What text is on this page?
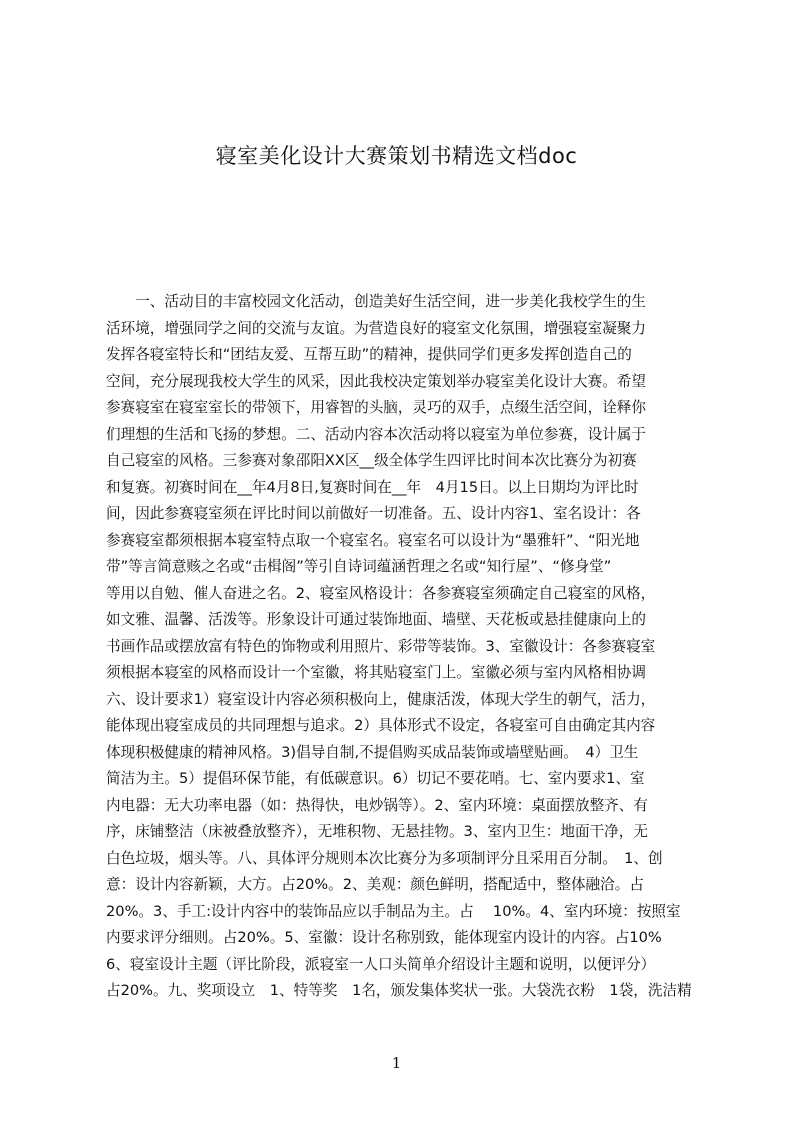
寝室美化设计大赛策划书精选文档doc
　　一、活动目的丰富校园文化活动，创造美好生活空间，进一步美化我校学生的生
活环境，增强同学之间的交流与友谊。为营造良好的寝室文化氛围，增强寝室凝聚力
发挥各寝室特长和“团结友爱、互帮互助”的精神，提供同学们更多发挥创造自己的
空间，充分展现我校大学生的风采，因此我校决定策划举办寝室美化设计大赛。希望
参赛寝室在寝室室长的带领下，用睿智的头脑，灵巧的双手，点缀生活空间，诠释你
们理想的生活和飞扬的梦想。二、活动内容本次活动将以寝室为单位参赛，设计属于
自己寝室的风格。三参赛对象邵阳XX区__级全体学生四评比时间本次比赛分为初赛
和复赛。初赛时间在__年4月8日,复赛时间在__年　4月15日。以上日期均为评比时
间，因此参赛寝室须在评比时间以前做好一切准备。五、设计内容1、室名设计：各
参赛寝室都须根据本寝室特点取一个寝室名。寝室名可以设计为“墨雅轩”、“阳光地
带”等言简意赅之名或“击楫阁”等引自诗词蕴涵哲理之名或“知行屋”、“修身堂”
等用以自勉、催人奋进之名。2、寝室风格设计：各参赛寝室须确定自己寝室的风格，
如文雅、温馨、活泼等。形象设计可通过装饰地面、墙壁、天花板或悬挂健康向上的
书画作品或摆放富有特色的饰物或利用照片、彩带等装饰。3、室徽设计：各参赛寝室
须根据本寝室的风格而设计一个室徽，将其贴寝室门上。室徽必须与室内风格相协调
六、设计要求1）寝室设计内容必须积极向上，健康活泼，体现大学生的朝气，活力，
能体现出寝室成员的共同理想与追求。2）具体形式不设定，各寝室可自由确定其内容
体现积极健康的精神风格。3)倡导自制,不提倡购买成品装饰或墙壁贴画。　4）卫生
简洁为主。5）提倡环保节能，有低碳意识。6）切记不要花哨。七、室内要求1、室
内电器：无大功率电器（如：热得快，电炒锅等）。2、室内环境：桌面摆放整齐、有
序，床铺整洁（床被叠放整齐），无堆积物、无悬挂物。3、室内卫生：地面干净，无
白色垃圾，烟头等。八、具体评分规则本次比赛分为多项制评分且采用百分制。　1、创
意：设计内容新颖，大方。占20%。2、美观：颜色鲜明，搭配适中，整体融洽。占
20%。3、手工:设计内容中的装饰品应以手制品为主。占　 10%。4、室内环境：按照室
内要求评分细则。占20%。5、室徽：设计名称别致，能体现室内设计的内容。占10%
6、寝室设计主题（评比阶段，派寝室一人口头简单介绍设计主题和说明，以便评分）
占20%。九、奖项设立　1、特等奖　1名，颁发集体奖状一张。大袋洗衣粉　1袋，洗洁精
1
